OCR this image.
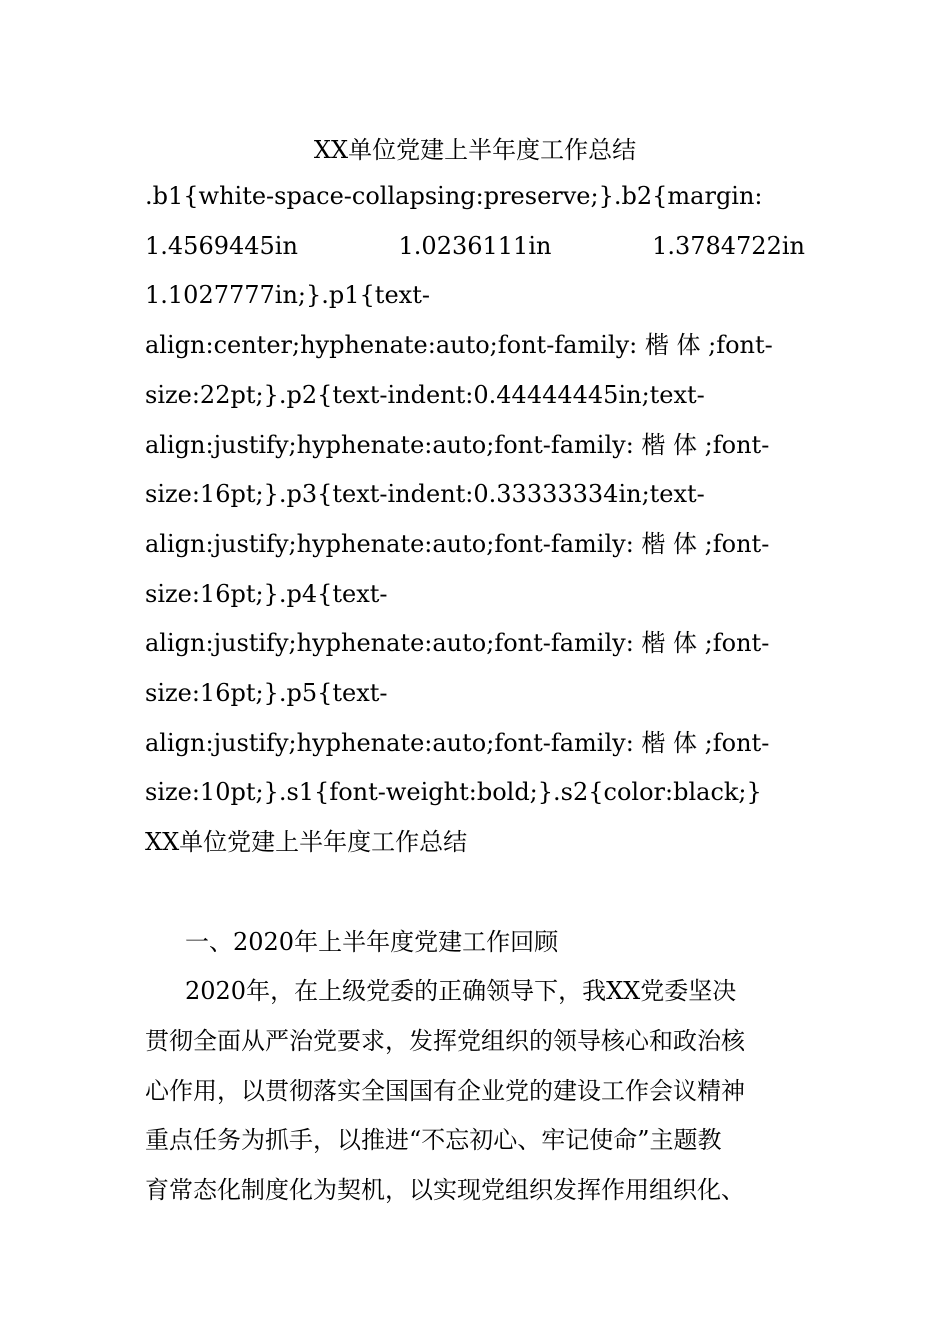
XX单位党建上半年度工作总结
.b1{white-space-collapsing:preserve;}.b2{margin:
1.4569445in	1.0236111in	1.3784722in
1.1027777in;}.p1{text-
align:center;hyphenate:auto;font-family: 楷 体 ;font-
size:22pt;}.p2{text-indent:0.44444445in;text-
align:justify;hyphenate:auto;font-family: 楷 体 ;font-
size:16pt;}.p3{text-indent:0.33333334in;text-
align:justify;hyphenate:auto;font-family: 楷 体 ;font-
size:16pt;}.p4{text-
align:justify;hyphenate:auto;font-family: 楷 体 ;font-
size:16pt;}.p5{text-
align:justify;hyphenate:auto;font-family: 楷 体 ;font-
size:10pt;}.s1{font-weight:bold;}.s2{color:black;}
XX单位党建上半年度工作总结
一、2020年上半年度党建工作回顾
2020年，在上级党委的正确领导下，我XX党委坚决
贯彻全面从严治党要求，发挥党组织的领导核心和政治核
心作用，以贯彻落实全国国有企业党的建设工作会议精神
重点任务为抓手，以推进“不忘初心、牢记使命”主题教
育常态化制度化为契机，以实现党组织发挥作用组织化、
